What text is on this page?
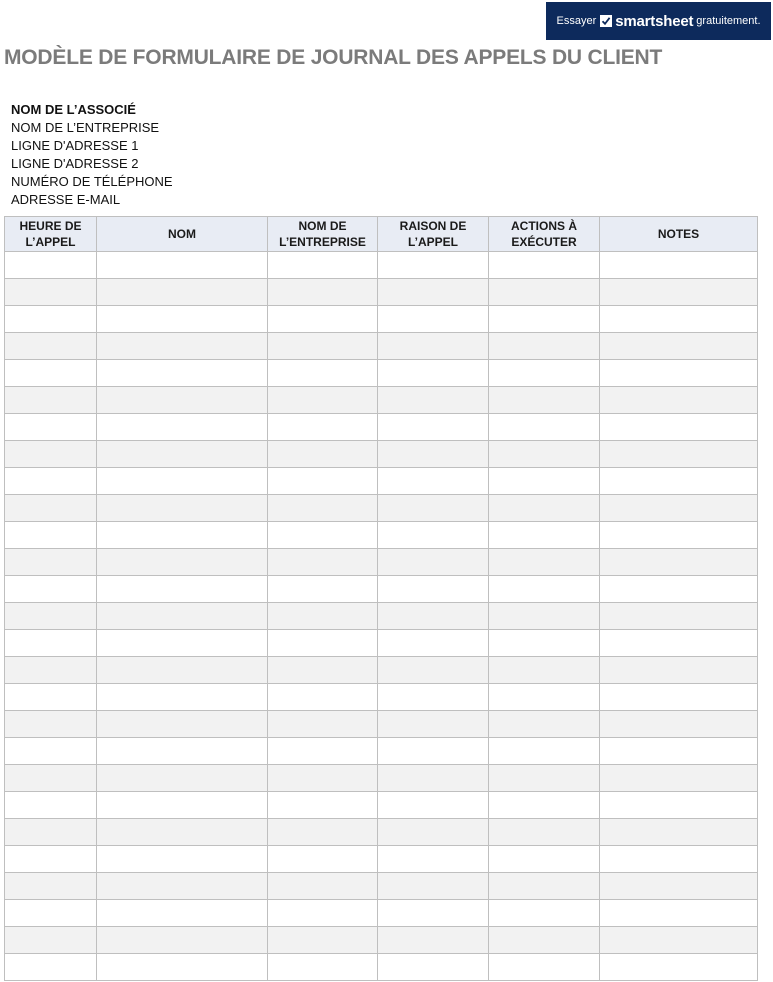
Essayer smartsheet gratuitement.
MODÈLE DE FORMULAIRE DE JOURNAL DES APPELS DU CLIENT
NOM DE L’ASSOCIÉ
NOM DE L’ENTREPRISE
LIGNE D'ADRESSE 1
LIGNE D'ADRESSE 2
NUMÉRO DE TÉLÉPHONE
ADRESSE E-MAIL
HEURE DE L’APPEL	NOM	NOM DE L’ENTREPRISE	RAISON DE L’APPEL	ACTIONS À EXÉCUTER	NOTES
